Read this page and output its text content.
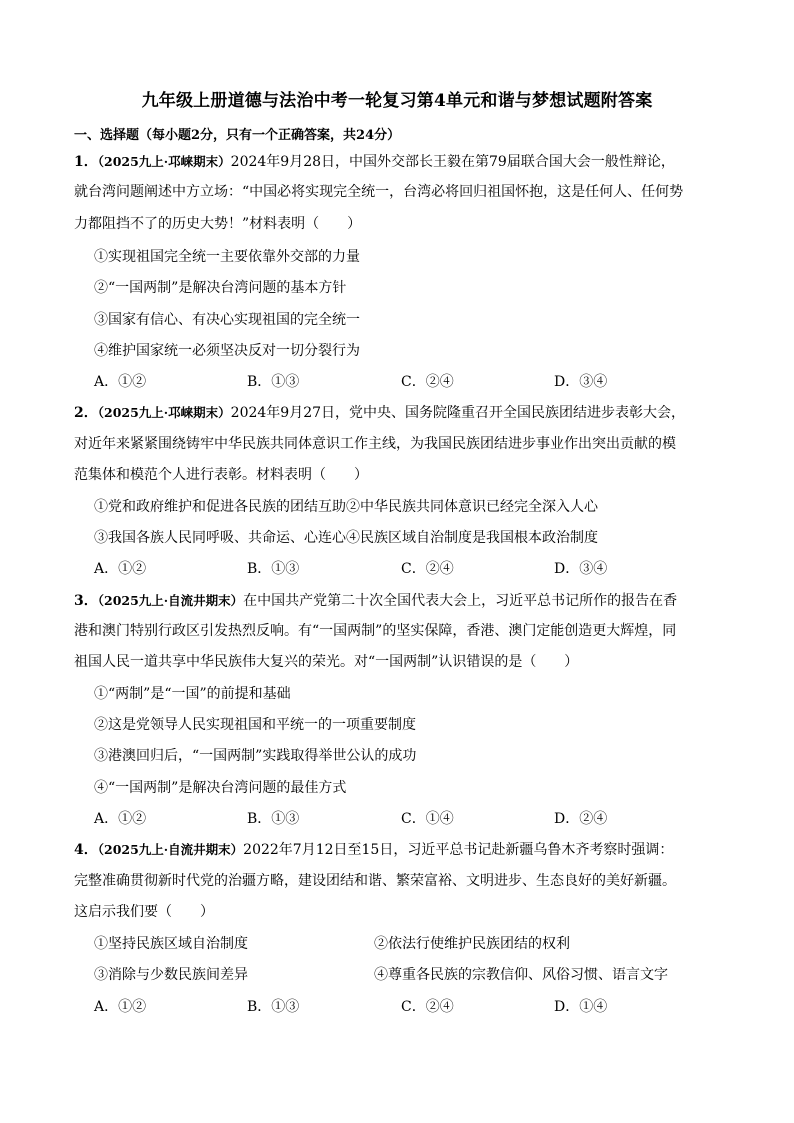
九年级上册道德与法治中考一轮复习第4单元和谐与梦想试题附答案
一、选择题（每小题2分，只有一个正确答案，共24分）
1．（2025九上·邛崃期末）2024年9月28日，中国外交部长王毅在第79届联合国大会一般性辩论，
就台湾问题阐述中方立场：“中国必将实现完全统一，台湾必将回归祖国怀抱，这是任何人、任何势
力都阻挡不了的历史大势！”材料表明（　　）
①实现祖国完全统一主要依靠外交部的力量
②“一国两制”是解决台湾问题的基本方针
③国家有信心、有决心实现祖国的完全统一
④维护国家统一必须坚决反对一切分裂行为
A．①②	B．①③	C．②④	D．③④
2．（2025九上·邛崃期末）2024年9月27日，党中央、国务院隆重召开全国民族团结进步表彰大会，
对近年来紧紧围绕铸牢中华民族共同体意识工作主线，为我国民族团结进步事业作出突出贡献的模
范集体和模范个人进行表彰。材料表明（　　）
①党和政府维护和促进各民族的团结互助②中华民族共同体意识已经完全深入人心
③我国各族人民同呼吸、共命运、心连心④民族区域自治制度是我国根本政治制度
A．①②	B．①③	C．②④	D．③④
3．（2025九上·自流井期末）在中国共产党第二十次全国代表大会上，习近平总书记所作的报告在香
港和澳门特别行政区引发热烈反响。有“一国两制”的坚实保障，香港、澳门定能创造更大辉煌，同
祖国人民一道共享中华民族伟大复兴的荣光。对“一国两制”认识错误的是（　　）
①“两制”是“一国”的前提和基础
②这是党领导人民实现祖国和平统一的一项重要制度
③港澳回归后，“一国两制”实践取得举世公认的成功
④“一国两制”是解决台湾问题的最佳方式
A．①②	B．①③	C．①④	D．②④
4．（2025九上·自流井期末）2022年7月12日至15日，习近平总书记赴新疆乌鲁木齐考察时强调：
完整准确贯彻新时代党的治疆方略，建设团结和谐、繁荣富裕、文明进步、生态良好的美好新疆。
这启示我们要（　　）
①坚持民族区域自治制度	②依法行使维护民族团结的权利
③消除与少数民族间差异	④尊重各民族的宗教信仰、风俗习惯、语言文字
A．①②	B．①③	C．②④	D．①④
